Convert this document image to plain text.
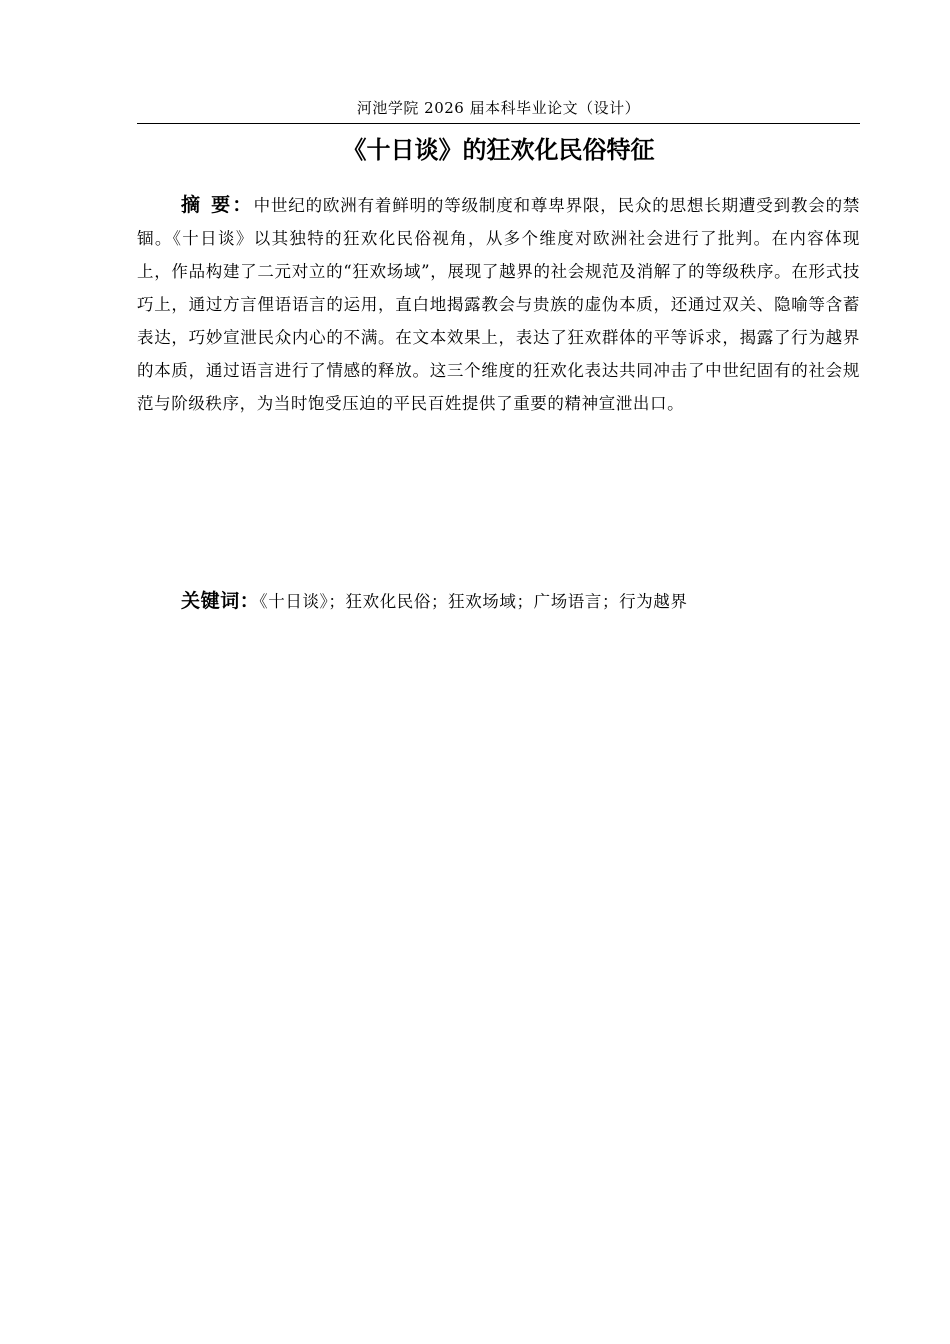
河池学院 2026 届本科毕业论文（设计）
《十日谈》的狂欢化民俗特征

摘 要：中世纪的欧洲有着鲜明的等级制度和尊卑界限，民众的思想长期遭受到教会的禁锢。《十日谈》以其独特的狂欢化民俗视角，从多个维度对欧洲社会进行了批判。在内容体现上，作品构建了二元对立的“狂欢场域”，展现了越界的社会规范及消解了的等级秩序。在形式技巧上，通过方言俚语语言的运用，直白地揭露教会与贵族的虚伪本质，还通过双关、隐喻等含蓄表达，巧妙宣泄民众内心的不满。在文本效果上，表达了狂欢群体的平等诉求，揭露了行为越界的本质，通过语言进行了情感的释放。这三个维度的狂欢化表达共同冲击了中世纪固有的社会规范与阶级秩序，为当时饱受压迫的平民百姓提供了重要的精神宣泄出口。

关键词：《十日谈》；狂欢化民俗；狂欢场域；广场语言；行为越界
